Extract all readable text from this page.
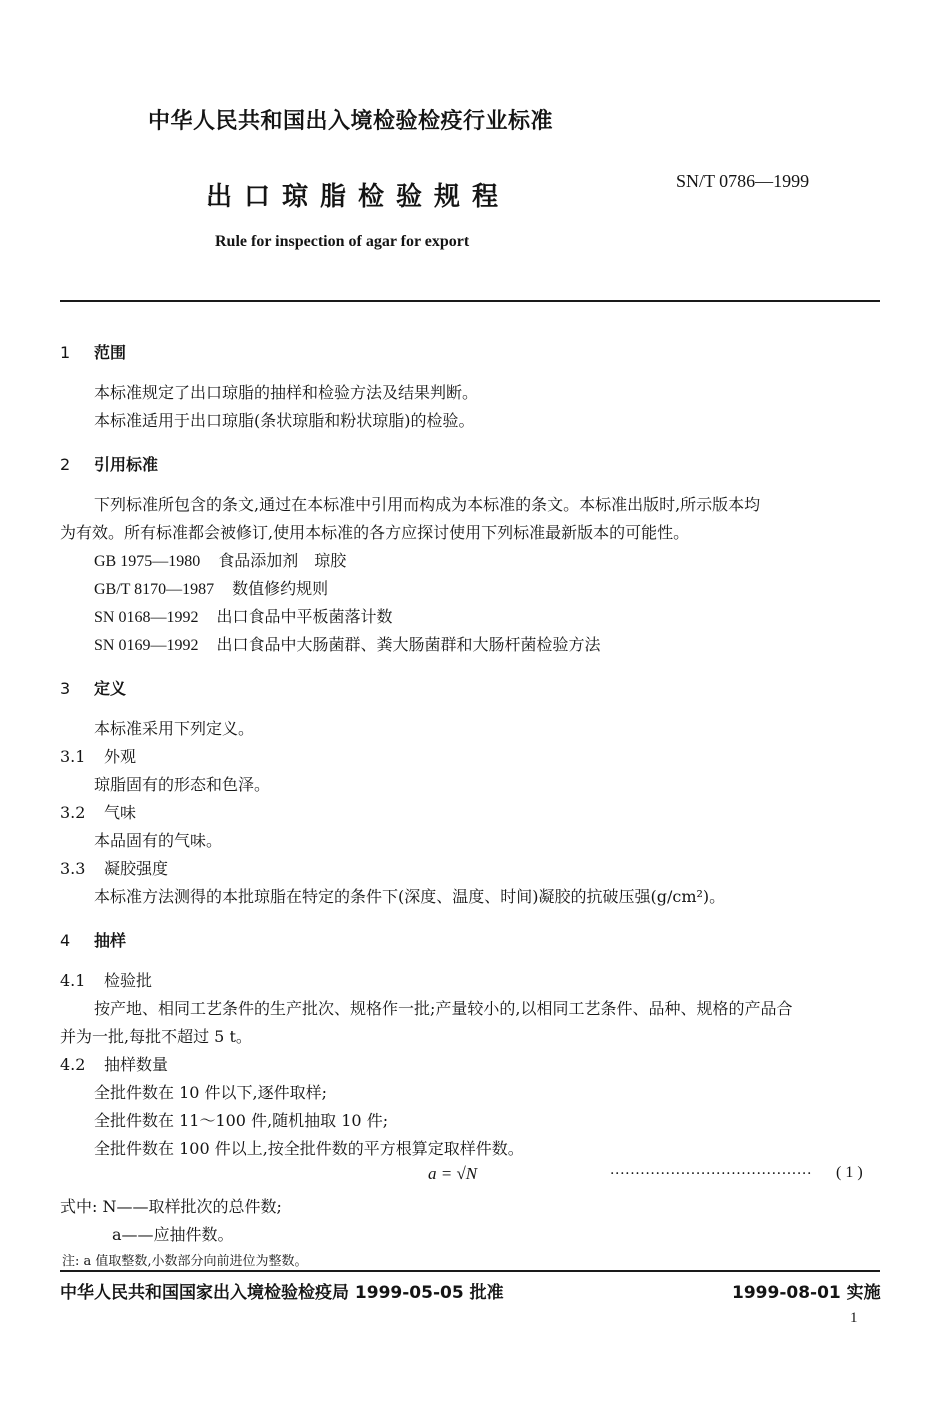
中华人民共和国出入境检验检疫行业标准
出口琼脂检验规程
SN/T 0786—1999
Rule for inspection of agar for export
1 范围
本标准规定了出口琼脂的抽样和检验方法及结果判断。
本标准适用于出口琼脂(条状琼脂和粉状琼脂)的检验。
2 引用标准
下列标准所包含的条文,通过在本标准中引用而构成为本标准的条文。本标准出版时,所示版本均
为有效。所有标准都会被修订,使用本标准的各方应探讨使用下列标准最新版本的可能性。
GB 1975—1980 食品添加剂　琼胶
GB/T 8170—1987 数值修约规则
SN 0168—1992 出口食品中平板菌落计数
SN 0169—1992 出口食品中大肠菌群、粪大肠菌群和大肠杆菌检验方法
3 定义
本标准采用下列定义。
3.1 外观
琼脂固有的形态和色泽。
3.2 气味
本品固有的气味。
3.3 凝胶强度
本标准方法测得的本批琼脂在特定的条件下(深度、温度、时间)凝胶的抗破压强(g/cm²)。
4 抽样
4.1 检验批
按产地、相同工艺条件的生产批次、规格作一批;产量较小的,以相同工艺条件、品种、规格的产品合
并为一批,每批不超过 5 t。
4.2 抽样数量
全批件数在 10 件以下,逐件取样;
全批件数在 11～100 件,随机抽取 10 件;
全批件数在 100 件以上,按全批件数的平方根算定取样件数。
a = √N	········································ ( 1 )
式中: N——取样批次的总件数;
a——应抽件数。
注: a 值取整数,小数部分向前进位为整数。
中华人民共和国国家出入境检验检疫局 1999-05-05 批准	1999-08-01 实施
1
